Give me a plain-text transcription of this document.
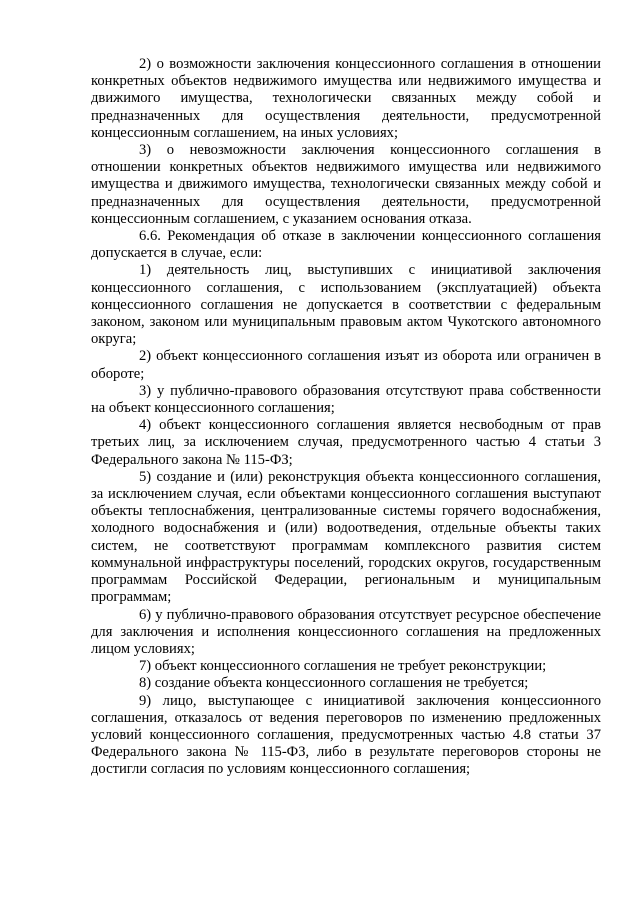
2) о возможности заключения концессионного соглашения в отношении конкретных объектов недвижимого имущества или недвижимого имущества и движимого имущества, технологически связанных между собой и предназначенных для осуществления деятельности, предусмотренной концессионным соглашением, на иных условиях;

3) о невозможности заключения концессионного соглашения в отношении конкретных объектов недвижимого имущества или недвижимого имущества и движимого имущества, технологически связанных между собой и предназначенных для осуществления деятельности, предусмотренной концессионным соглашением, с указанием основания отказа.

6.6. Рекомендация об отказе в заключении концессионного соглашения допускается в случае, если:

1) деятельность лиц, выступивших с инициативой заключения концессионного соглашения, с использованием (эксплуатацией) объекта концессионного соглашения не допускается в соответствии с федеральным законом, законом или муниципальным правовым актом Чукотского автономного округа;

2) объект концессионного соглашения изъят из оборота или ограничен в обороте;

3) у публично-правового образования отсутствуют права собственности на объект концессионного соглашения;

4) объект концессионного соглашения является несвободным от прав третьих лиц, за исключением случая, предусмотренного частью 4 статьи 3 Федерального закона № 115-ФЗ;

5) создание и (или) реконструкция объекта концессионного соглашения, за исключением случая, если объектами концессионного соглашения выступают объекты теплоснабжения, централизованные системы горячего водоснабжения, холодного водоснабжения и (или) водоотведения, отдельные объекты таких систем, не соответствуют программам комплексного развития систем коммунальной инфраструктуры поселений, городских округов, государственным программам Российской Федерации, региональным и муниципальным программам;

6) у публично-правового образования отсутствует ресурсное обеспечение для заключения и исполнения концессионного соглашения на предложенных лицом условиях;

7) объект концессионного соглашения не требует реконструкции;

8) создание объекта концессионного соглашения не требуется;

9) лицо, выступающее с инициативой заключения концессионного соглашения, отказалось от ведения переговоров по изменению предложенных условий концессионного соглашения, предусмотренных частью 4.8 статьи 37 Федерального закона № 115-ФЗ, либо в результате переговоров стороны не достигли согласия по условиям концессионного соглашения;
